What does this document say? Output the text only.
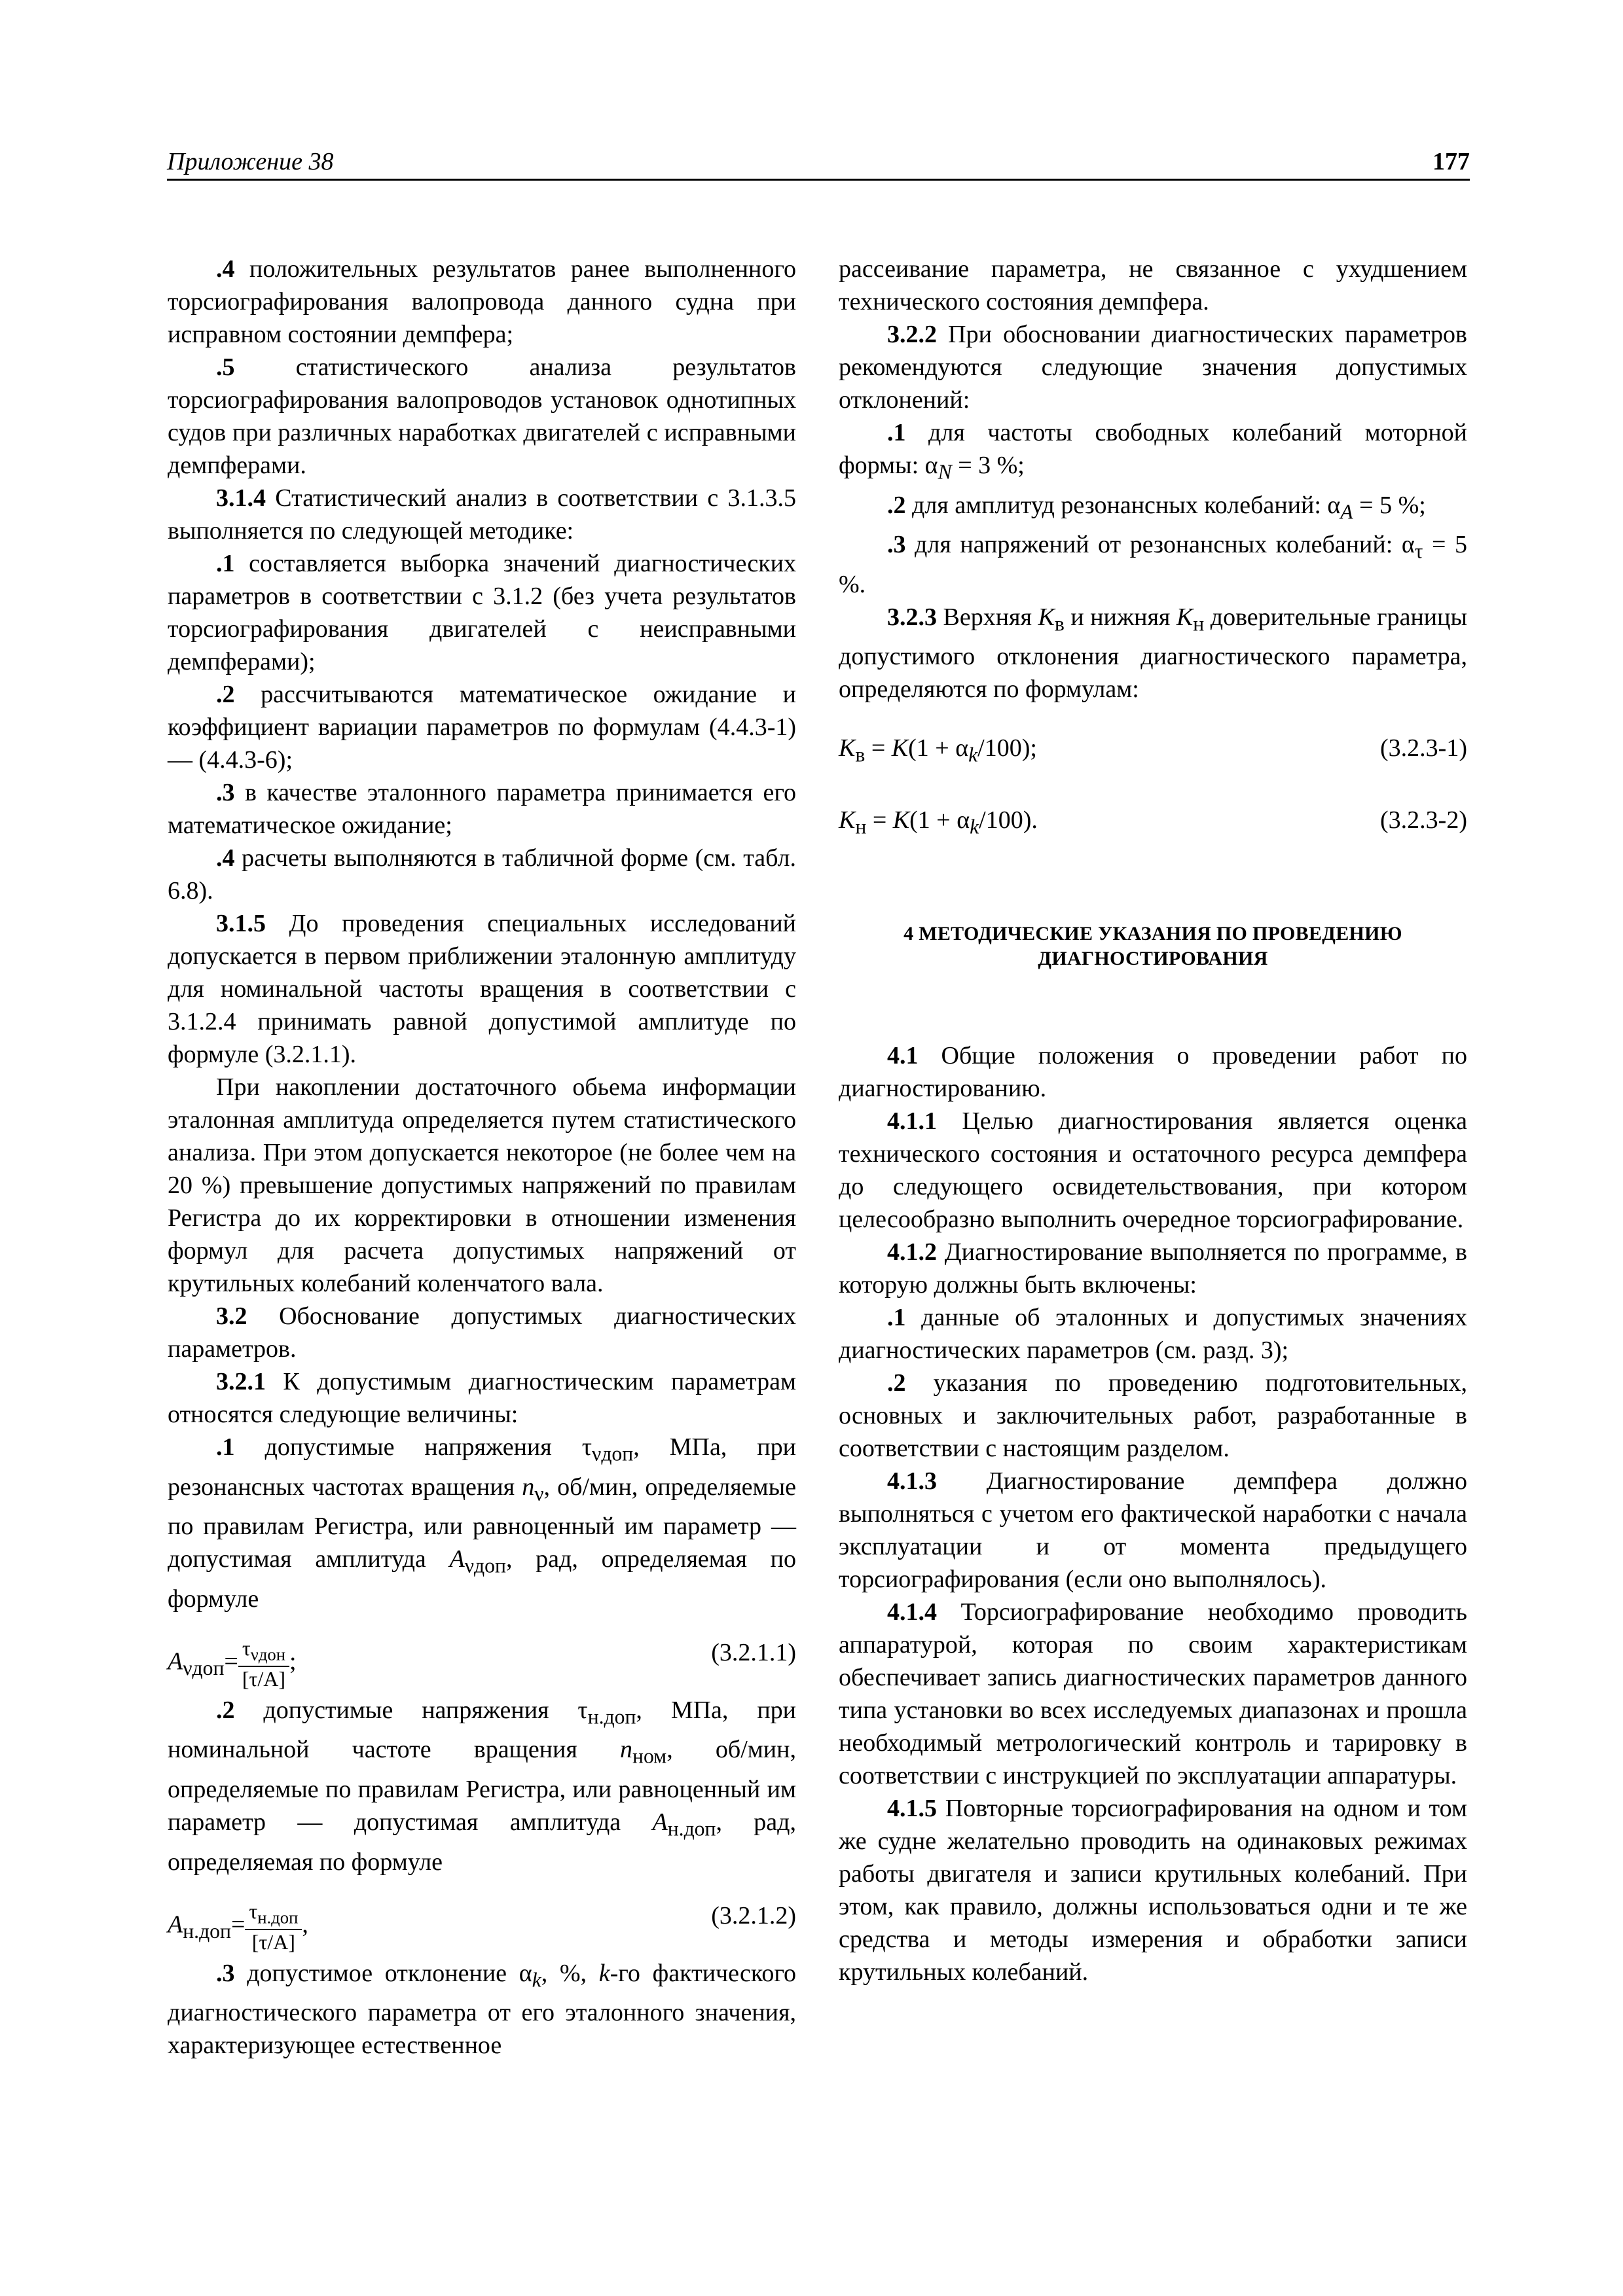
Приложение 38	177

.4 положительных результатов ранее выполненного торсиографирования валопровода данного судна при исправном состоянии демпфера;

.5 статистического анализа результатов торсиографирования валопроводов установок однотипных судов при различных наработках двигателей с исправными демпферами.

3.1.4 Статистический анализ в соответствии с 3.1.3.5 выполняется по следующей методике:

.1 составляется выборка значений диагностических параметров в соответствии с 3.1.2 (без учета результатов торсиографирования двигателей с неисправными демпферами);

.2 рассчитываются математическое ожидание и коэффициент вариации параметров по формулам (4.4.3-1) — (4.4.3-6);

.3 в качестве эталонного параметра принимается его математическое ожидание;

.4 расчеты выполняются в табличной форме (см. табл. 6.8).

3.1.5 До проведения специальных исследований допускается в первом приближении эталонную амплитуду для номинальной частоты вращения в соответствии с 3.1.2.4 принимать равной допустимой амплитуде по формуле (3.2.1.1).

При накоплении достаточного обьема информации эталонная амплитуда определяется путем статистического анализа. При этом допускается некоторое (не более чем на 20 %) превышение допустимых напряжений по правилам Регистра до их корректировки в отношении изменения формул для расчета допустимых напряжений от крутильных колебаний коленчатого вала.

3.2 Обоснование допустимых диагностических параметров.

3.2.1 К допустимым диагностическим параметрам относятся следующие величины:

.1 допустимые напряжения $\tau_{\nu доп}$, МПа, при резонансных частотах вращения $n_\nu$, об/мин, определяемые по правилам Регистра, или равноценный им параметр — допустимая амплитуда $A_{\nu доп}$, рад, определяемая по формуле

$A_{\nu доп}= \frac{\tau_{\nu дон}}{[\tau/A]}$ ;	(3.2.1.1)

.2 допустимые напряжения $\tau_{н.доп}$, МПа, при номинальной частоте вращения $n_{ном}$, об/мин, определяемые по правилам Регистра, или равноценный им параметр — допустимая амплитуда $A_{н.доп}$, рад, определяемая по формуле

$A_{н.доп}= \frac{\tau_{н.доп}}{[\tau/A]}$ ,	(3.2.1.2)

.3 допустимое отклонение $\alpha_k$, %, k-го фактического диагностического параметра от его эталонного значения, характеризующее естественное

рассеивание параметра, не связанное с ухудшением технического состояния демпфера.

3.2.2 При обосновании диагностических параметров рекомендуются следующие значения допустимых отклонений:

.1 для частоты свободных колебаний моторной формы: $\alpha_N = 3$ %;

.2 для амплитуд резонансных колебаний: $\alpha_A = 5$ %;

.3 для напряжений от резонансных колебаний: $\alpha_\tau = 5$ %.

3.2.3 Верхняя $K_в$ и нижняя $K_н$ доверительные границы допустимого отклонения диагностического параметра, определяются по формулам:

$K_в = K(1 + \alpha_k/100)$;	(3.2.3-1)
$K_н = K(1 + \alpha_k/100)$.	(3.2.3-2)
4 МЕТОДИЧЕСКИЕ УКАЗАНИЯ ПО ПРОВЕДЕНИЮ
ДИАГНОСТИРОВАНИЯ

4.1 Общие положения о проведении работ по диагностированию.

4.1.1 Целью диагностирования является оценка технического состояния и остаточного ресурса демпфера до следующего освидетельствования, при котором целесообразно выполнить очередное торсиографирование.

4.1.2 Диагностирование выполняется по программе, в которую должны быть включены:

.1 данные об эталонных и допустимых значениях диагностических параметров (см. разд. 3);

.2 указания по проведению подготовительных, основных и заключительных работ, разработанные в соответствии с настоящим разделом.

4.1.3 Диагностирование демпфера должно выполняться с учетом его фактической наработки с начала эксплуатации и от момента предыдущего торсиографирования (если оно выполнялось).

4.1.4 Торсиографирование необходимо проводить аппаратурой, которая по своим характеристикам обеспечивает запись диагностических параметров данного типа установки во всех исследуемых диапазонах и прошла необходимый метрологический контроль и тарировку в соответствии с инструкцией по эксплуатации аппаратуры.

4.1.5 Повторные торсиографирования на одном и том же судне желательно проводить на одинаковых режимах работы двигателя и записи крутильных колебаний. При этом, как правило, должны использоваться одни и те же средства и методы измерения и обработки записи крутильных колебаний.
